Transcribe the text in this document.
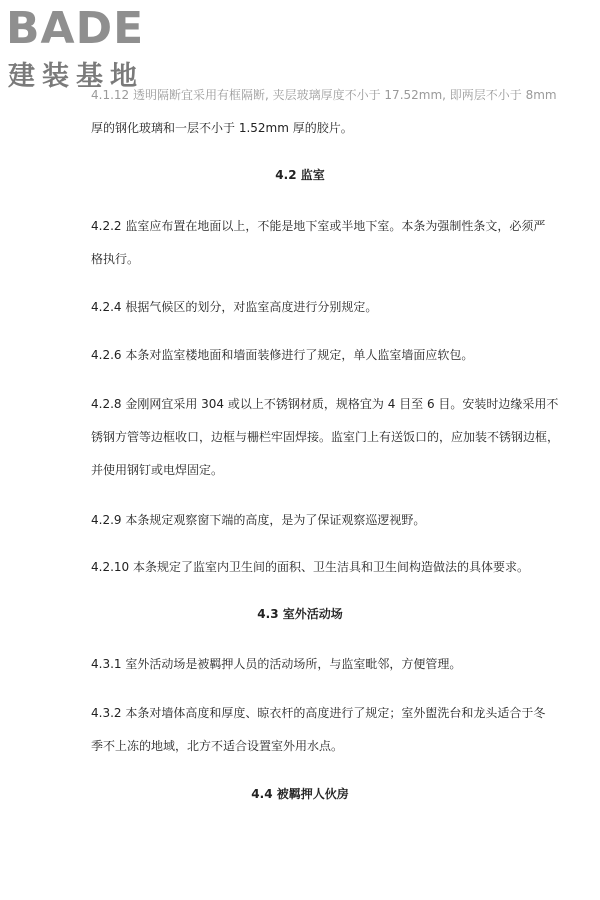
BADE
建装基地

4.1.12 透明隔断宜采用有框隔断, 夹层玻璃厚度不小于 17.52mm, 即两层不小于 8mm

厚的钢化玻璃和一层不小于 1.52mm 厚的胶片。

4.2 监室

4.2.2 监室应布置在地面以上，不能是地下室或半地下室。本条为强制性条文，必须严

格执行。

4.2.4 根据气候区的划分，对监室高度进行分别规定。

4.2.6 本条对监室楼地面和墙面装修进行了规定，单人监室墙面应软包。

4.2.8 金刚网宜采用 304 或以上不锈钢材质，规格宜为 4 目至 6 目。安装时边缘采用不

锈钢方管等边框收口，边框与栅栏牢固焊接。监室门上有送饭口的，应加装不锈钢边框，

并使用钢钉或电焊固定。

4.2.9 本条规定观察窗下端的高度，是为了保证观察巡逻视野。

4.2.10 本条规定了监室内卫生间的面积、卫生洁具和卫生间构造做法的具体要求。

4.3 室外活动场

4.3.1 室外活动场是被羁押人员的活动场所，与监室毗邻，方便管理。

4.3.2 本条对墙体高度和厚度、晾衣杆的高度进行了规定；室外盥洗台和龙头适合于冬

季不上冻的地域，北方不适合设置室外用水点。

4.4 被羁押人伙房
